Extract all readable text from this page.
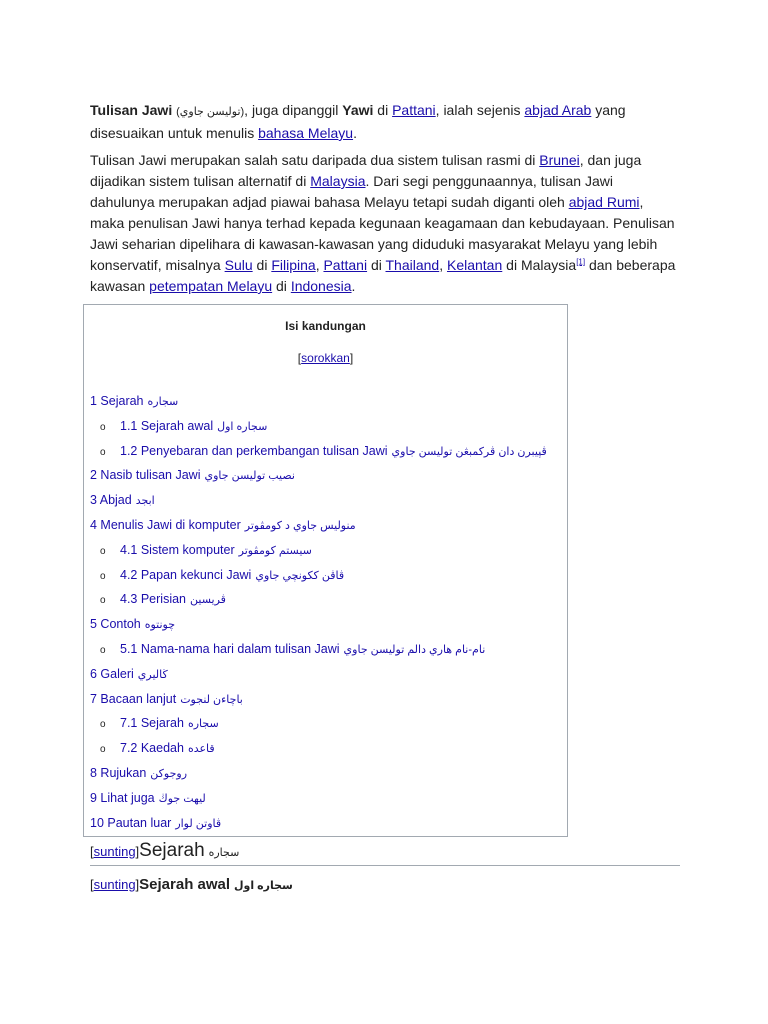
Tulisan Jawi (توليسن جاوي), juga dipanggil Yawi di Pattani, ialah sejenis abjad Arab yang disesuaikan untuk menulis bahasa Melayu.

Tulisan Jawi merupakan salah satu daripada dua sistem tulisan rasmi di Brunei, dan juga dijadikan sistem tulisan alternatif di Malaysia. Dari segi penggunaannya, tulisan Jawi dahulunya merupakan adjad piawai bahasa Melayu tetapi sudah diganti oleh abjad Rumi, maka penulisan Jawi hanya terhad kepada kegunaan keagamaan dan kebudayaan. Penulisan Jawi seharian dipelihara di kawasan-kawasan yang diduduki masyarakat Melayu yang lebih konservatif, misalnya Sulu di Filipina, Pattani di Thailand, Kelantan di Malaysia[1] dan beberapa kawasan petempatan Melayu di Indonesia.

Isi kandungan
[sorokkan]
1 Sejarah سجاره
o 1.1 Sejarah awal سجاره اول
o 1.2 Penyebaran dan perkembangan tulisan Jawi ڤڽيبرن دان ڤركمبڠن توليسن جاوي
2 Nasib tulisan Jawi نصيب توليسن جاوي
3 Abjad ابجد
4 Menulis Jawi di komputer منوليس جاوي د كومڤوتر
o 4.1 Sistem komputer سيستم كومڤوتر
o 4.2 Papan kekunci Jawi ڤاڤن ككونچي جاوي
o 4.3 Perisian ڤريسين
5 Contoh چونتوه
o 5.1 Nama-nama hari dalam tulisan Jawi نام-نام هاري دالم توليسن جاوي
6 Galeri ڬاليري
7 Bacaan lanjut باچاءن لنجوت
o 7.1 Sejarah سجاره
o 7.2 Kaedah قاعده
8 Rujukan روجوكن
9 Lihat juga ليهت جوڬ
10 Pautan luar ڤاوتن لوار
[sunting]Sejarah سجاره
[sunting]Sejarah awal سجاره اول
